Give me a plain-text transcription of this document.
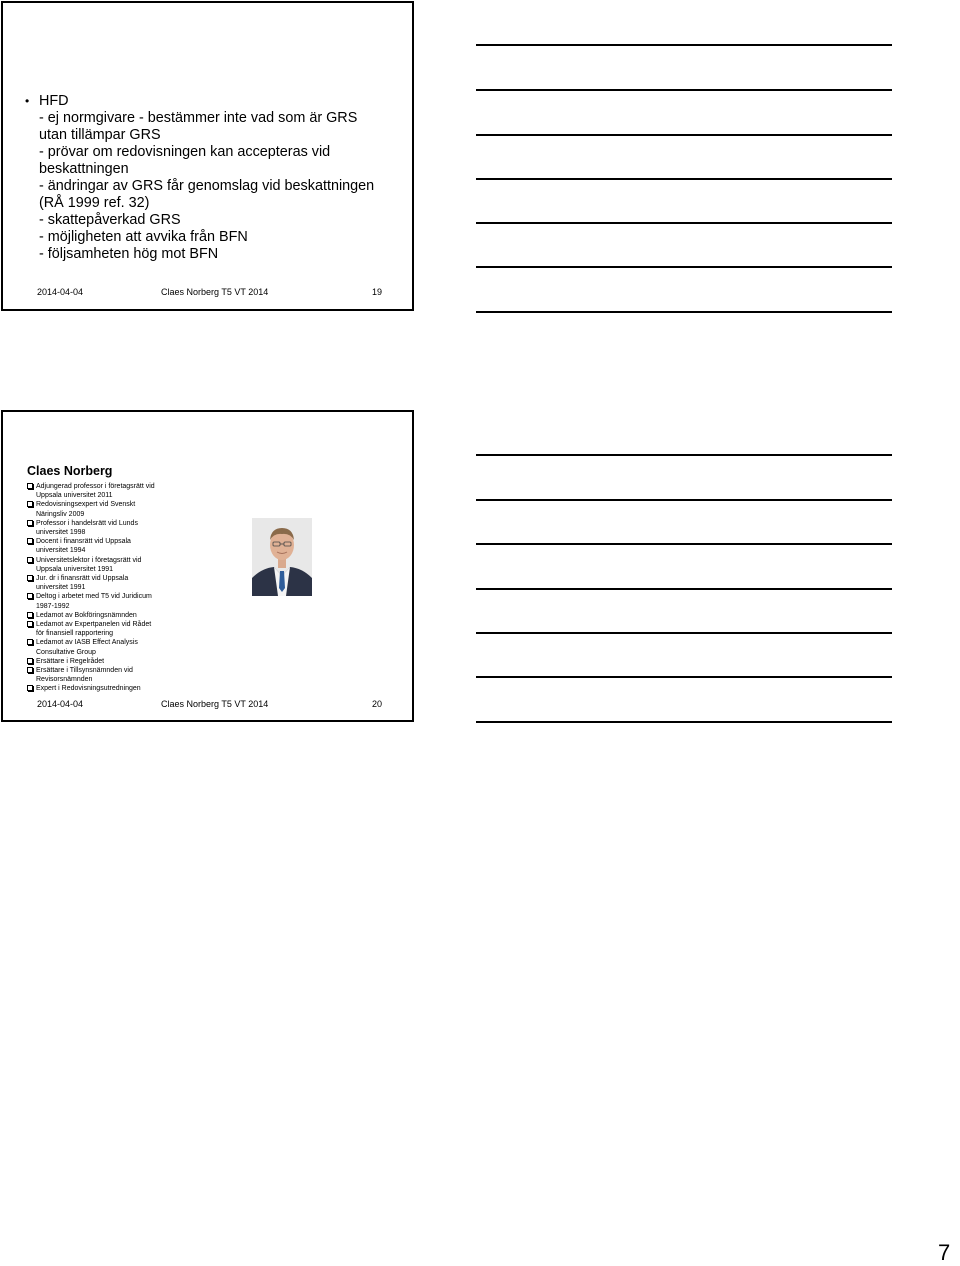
• HFD
- ej normgivare - bestämmer inte vad som är GRS
utan tillämpar GRS
- prövar om redovisningen kan accepteras vid
beskattningen
- ändringar av GRS får genomslag vid beskattningen
(RÅ 1999 ref. 32)
- skattepåverkad GRS
- möjligheten att avvika från BFN
- följsamheten hög mot BFN
2014-04-04	Claes Norberg T5 VT 2014	19
Claes Norberg
Adjungerad professor i företagsrätt vid
Uppsala universitet 2011
Redovisningsexpert vid Svenskt
Näringsliv 2009
Professor i handelsrätt vid Lunds
universitet 1998
Docent i finansrätt vid Uppsala
universitet 1994
Universitetslektor i företagsrätt vid
Uppsala universitet 1991
Jur. dr i finansrätt vid Uppsala
universitet 1991
Deltog i arbetet med T5 vid Juridicum
1987-1992
Ledamot av Bokföringsnämnden
Ledamot av Expertpanelen vid Rådet
för finansiell rapportering
Ledamot av IASB Effect Analysis
Consultative Group
Ersättare i Regelrådet
Ersättare i Tillsynsnämnden vid
Revisorsnämnden
Expert i Redovisningsutredningen
2014-04-04	Claes Norberg T5 VT 2014	20
7
